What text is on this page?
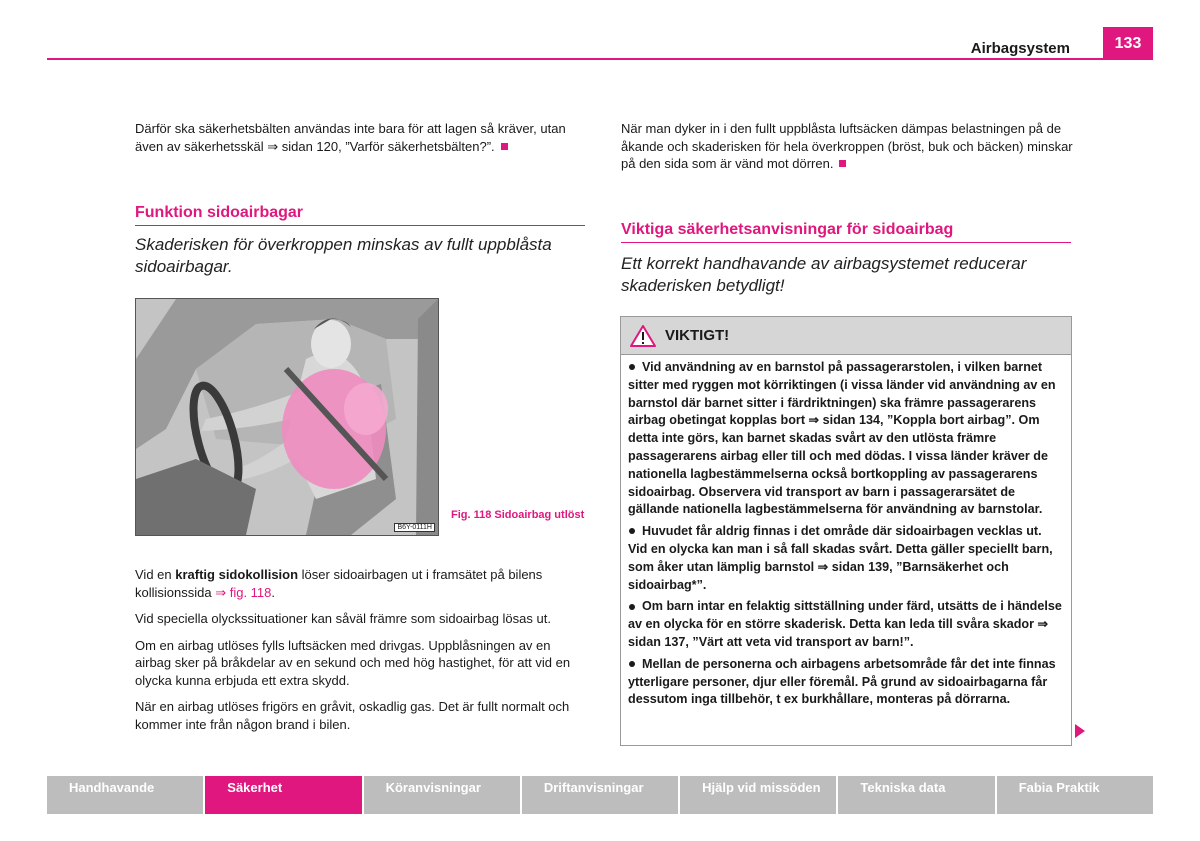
Airbagsystem	133

Därför ska säkerhetsbälten användas inte bara för att lagen så kräver, utan även av säkerhetsskäl ⇒ sidan 120, ”Varför säkerhetsbälten?”.

Funktion sidoairbagar
Skaderisken för överkroppen minskas av fullt uppblåsta sidoairbagar.
B6Y-0111H
Fig. 118 Sidoairbag utlöst

Vid en kraftig sidokollision löser sidoairbagen ut i framsätet på bilens kollisionssida ⇒ fig. 118.

Vid speciella olyckssituationer kan såväl främre som sidoairbag lösas ut.

Om en airbag utlöses fylls luftsäcken med drivgas. Uppblåsningen av en airbag sker på bråkdelar av en sekund och med hög hastighet, för att vid en olycka kunna erbjuda ett extra skydd.

När en airbag utlöses frigörs en gråvit, oskadlig gas. Det är fullt normalt och kommer inte från någon brand i bilen.

När man dyker in i den fullt uppblåsta luftsäcken dämpas belastningen på de åkande och skaderisken för hela överkroppen (bröst, buk och bäcken) minskar på den sida som är vänd mot dörren.

Viktiga säkerhetsanvisningar för sidoairbag
Ett korrekt handhavande av airbagsystemet reducerar skaderisken betydligt!
VIKTIGT!

Vid användning av en barnstol på passagerarstolen, i vilken barnet sitter med ryggen mot körriktingen (i vissa länder vid användning av en barnstol där barnet sitter i färdriktningen) ska främre passagerarens airbag obetingat kopplas bort ⇒ sidan 134, ”Koppla bort airbag”. Om detta inte görs, kan barnet skadas svårt av den utlösta främre passagerarens airbag eller till och med dödas. I vissa länder kräver de nationella lagbestämmelserna också bortkoppling av passagerarens sidoairbag. Observera vid transport av barn i passagerarsätet de gällande nationella lagbestämmelserna för användning av barnstolar.

Huvudet får aldrig finnas i det område där sidoairbagen vecklas ut. Vid en olycka kan man i så fall skadas svårt. Detta gäller speciellt barn, som åker utan lämplig barnstol ⇒ sidan 139, ”Barnsäkerhet och sidoairbag*”.

Om barn intar en felaktig sittställning under färd, utsätts de i händelse av en olycka för en större skaderisk. Detta kan leda till svåra skador ⇒ sidan 137, ”Värt att veta vid transport av barn!”.

Mellan de personerna och airbagens arbetsområde får det inte finnas ytterligare personer, djur eller föremål. På grund av sidoairbagarna får dessutom inga tillbehör, t ex burkhållare, monteras på dörrarna.

Handhavande	Säkerhet	Köranvisningar	Driftanvisningar	Hjälp vid missöden	Tekniska data	Fabia Praktik
